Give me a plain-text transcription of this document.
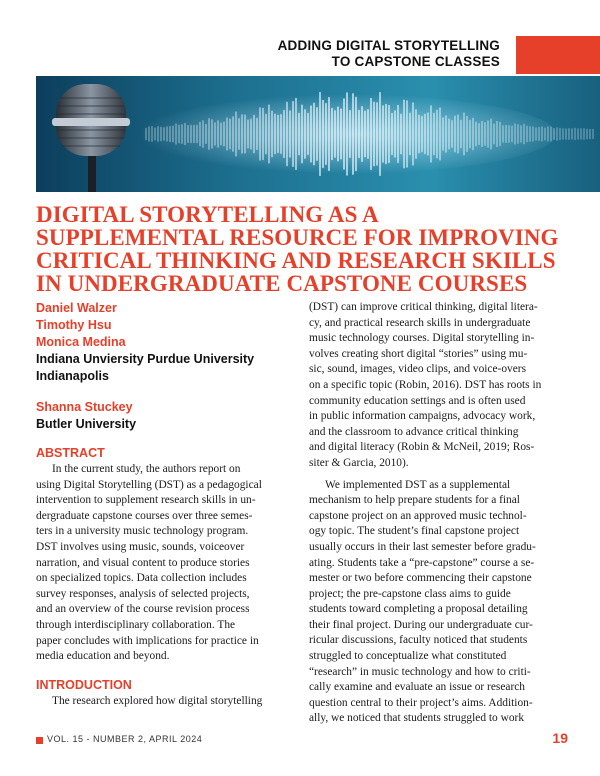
ADDING DIGITAL STORYTELLING
TO CAPSTONE CLASSES
DIGITAL STORYTELLING AS A
SUPPLEMENTAL RESOURCE FOR IMPROVING
CRITICAL THINKING AND RESEARCH SKILLS
IN UNDERGRADUATE CAPSTONE COURSES
Daniel Walzer
Timothy Hsu
Monica Medina
Indiana Unviersity Purdue University
Indianapolis
Shanna Stuckey
Butler University
ABSTRACT
In the current study, the authors report on
using Digital Storytelling (DST) as a pedagogical
intervention to supplement research skills in un-
dergraduate capstone courses over three semes-
ters in a university music technology program.
DST involves using music, sounds, voiceover
narration, and visual content to produce stories
on specialized topics. Data collection includes
survey responses, analysis of selected projects,
and an overview of the course revision process
through interdisciplinary collaboration. The
paper concludes with implications for practice in
media education and beyond.
INTRODUCTION
The research explored how digital storytelling
(DST) can improve critical thinking, digital litera-
cy, and practical research skills in undergraduate
music technology courses. Digital storytelling in-
volves creating short digital “stories” using mu-
sic, sound, images, video clips, and voice-overs
on a specific topic (Robin, 2016). DST has roots in
community education settings and is often used
in public information campaigns, advocacy work,
and the classroom to advance critical thinking
and digital literacy (Robin & McNeil, 2019; Ros-
siter & Garcia, 2010).
We implemented DST as a supplemental
mechanism to help prepare students for a final
capstone project on an approved music technol-
ogy topic. The student’s final capstone project
usually occurs in their last semester before gradu-
ating. Students take a “pre-capstone” course a se-
mester or two before commencing their capstone
project; the pre-capstone class aims to guide
students toward completing a proposal detailing
their final project. During our undergraduate cur-
ricular discussions, faculty noticed that students
struggled to conceptualize what constituted
“research” in music technology and how to criti-
cally examine and evaluate an issue or research
question central to their project’s aims. Addition-
ally, we noticed that students struggled to work
VOL. 15 - NUMBER 2, APRIL 2024	19
